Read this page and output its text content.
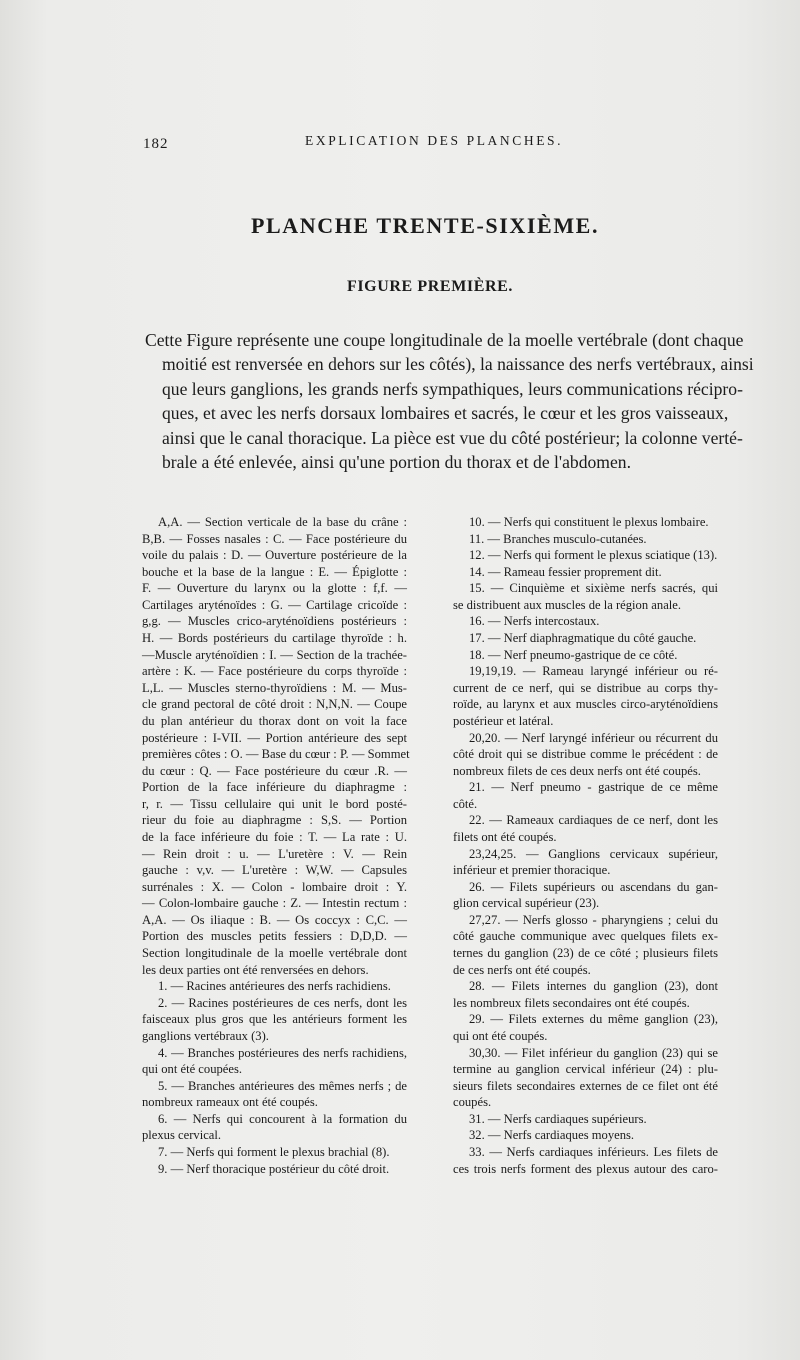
182	EXPLICATION DES PLANCHES.
PLANCHE TRENTE-SIXIÈME.
FIGURE PREMIÈRE.
Cette Figure représente une coupe longitudinale de la moelle vertébrale (dont chaque
moitié est renversée en dehors sur les côtés), la naissance des nerfs vertébraux, ainsi
que leurs ganglions, les grands nerfs sympathiques, leurs communications récipro-
ques, et avec les nerfs dorsaux lombaires et sacrés, le cœur et les gros vaisseaux,
ainsi que le canal thoracique. La pièce est vue du côté postérieur; la colonne verté-
brale a été enlevée, ainsi qu'une portion du thorax et de l'abdomen.
A,A. — Section verticale de la base du crâne :
B,B. — Fosses nasales : C. — Face postérieure du
voile du palais : D. — Ouverture postérieure de la
bouche et la base de la langue : E. — Épiglotte :
F. — Ouverture du larynx ou la glotte : f,f. —
Cartilages aryténoïdes : G. — Cartilage cricoïde :
g,g. — Muscles crico-aryténoïdiens postérieurs :
H. — Bords postérieurs du cartilage thyroïde : h.
—Muscle aryténoïdien : I. — Section de la trachée-
artère : K. — Face postérieure du corps thyroïde :
L,L. — Muscles sterno-thyroïdiens : M. — Mus-
cle grand pectoral de côté droit : N,N,N. — Coupe
du plan antérieur du thorax dont on voit la face
postérieure : I-VII. — Portion antérieure des sept
premières côtes : O. — Base du cœur : P. — Sommet
du cœur : Q. — Face postérieure du cœur .R. —
Portion de la face inférieure du diaphragme :
r, r. — Tissu cellulaire qui unit le bord posté-
rieur du foie au diaphragme : S,S. — Portion
de la face inférieure du foie : T. — La rate : U.
— Rein droit : u. — L'uretère : V. — Rein
gauche : v,v. — L'uretère : W,W. — Capsules
surrénales : X. — Colon - lombaire droit : Y.
— Colon-lombaire gauche : Z. — Intestin rectum :
A,A. — Os iliaque : B. — Os coccyx : C,C. —
Portion des muscles petits fessiers : D,D,D. —
Section longitudinale de la moelle vertébrale dont
les deux parties ont été renversées en dehors.
1. — Racines antérieures des nerfs rachidiens.
2. — Racines postérieures de ces nerfs, dont les
faisceaux plus gros que les antérieurs forment les
ganglions vertébraux (3).
4. — Branches postérieures des nerfs rachidiens,
qui ont été coupées.
5. — Branches antérieures des mêmes nerfs ; de
nombreux rameaux ont été coupés.
6. — Nerfs qui concourent à la formation du
plexus cervical.
7. — Nerfs qui forment le plexus brachial (8).
9. — Nerf thoracique postérieur du côté droit.
10. — Nerfs qui constituent le plexus lombaire.
11. — Branches musculo-cutanées.
12. — Nerfs qui forment le plexus sciatique (13).
14. — Rameau fessier proprement dit.
15. — Cinquième et sixième nerfs sacrés, qui
se distribuent aux muscles de la région anale.
16. — Nerfs intercostaux.
17. — Nerf diaphragmatique du côté gauche.
18. — Nerf pneumo-gastrique de ce côté.
19,19,19. — Rameau laryngé inférieur ou ré-
current de ce nerf, qui se distribue au corps thy-
roïde, au larynx et aux muscles circo-aryténoïdiens
postérieur et latéral.
20,20. — Nerf laryngé inférieur ou récurrent du
côté droit qui se distribue comme le précédent : de
nombreux filets de ces deux nerfs ont été coupés.
21. — Nerf pneumo - gastrique de ce même
côté.
22. — Rameaux cardiaques de ce nerf, dont les
filets ont été coupés.
23,24,25. — Ganglions cervicaux supérieur,
inférieur et premier thoracique.
26. — Filets supérieurs ou ascendans du gan-
glion cervical supérieur (23).
27,27. — Nerfs glosso - pharyngiens ; celui du
côté gauche communique avec quelques filets ex-
ternes du ganglion (23) de ce côté ; plusieurs filets
de ces nerfs ont été coupés.
28. — Filets internes du ganglion (23), dont
les nombreux filets secondaires ont été coupés.
29. — Filets externes du même ganglion (23),
qui ont été coupés.
30,30. — Filet inférieur du ganglion (23) qui se
termine au ganglion cervical inférieur (24) : plu-
sieurs filets secondaires externes de ce filet ont été
coupés.
31. — Nerfs cardiaques supérieurs.
32. — Nerfs cardiaques moyens.
33. — Nerfs cardiaques inférieurs. Les filets de
ces trois nerfs forment des plexus autour des caro-
